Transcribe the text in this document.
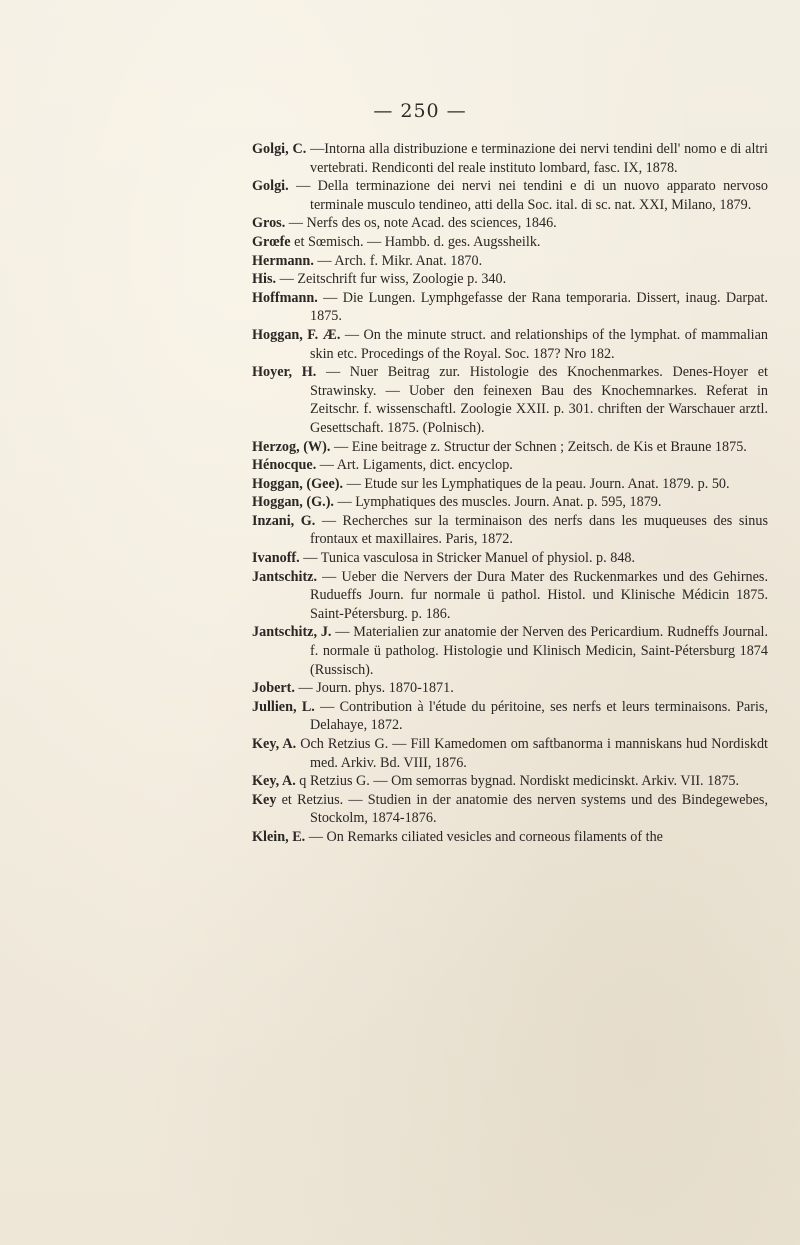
— 250 —

Golgi, C. —Intorna alla distribuzione e terminazione dei nervi tendini dell' nomo e di altri vertebrati. Rendiconti del reale instituto lombard, fasc. IX, 1878.

Golgi. — Della terminazione dei nervi nei tendini e di un nuovo apparato nervoso terminale musculo tendineo, atti della Soc. ital. di sc. nat. XXI, Milano, 1879.

Gros. — Nerfs des os, note Acad. des sciences, 1846.

Grœfe et Sœmisch. — Hambb. d. ges. Augssheilk.

Hermann. — Arch. f. Mikr. Anat. 1870.

His. — Zeitschrift fur wiss, Zoologie p. 340.

Hoffmann. — Die Lungen. Lymphgefasse der Rana temporaria. Dissert, inaug. Darpat. 1875.

Hoggan, F. Æ. — On the minute struct. and relationships of the lymphat. of mammalian skin etc. Procedings of the Royal. Soc. 187? Nro 182.

Hoyer, H. — Nuer Beitrag zur. Histologie des Knochenmarkes. Denes-Hoyer et Strawinsky. — Uober den feinexen Bau des Knochemnarkes. Referat in Zeitschr. f. wissenschaftl. Zoologie XXII. p. 301. chriften der Warschauer arztl. Gesettschaft. 1875. (Polnisch).

Herzog, (W). — Eine beitrage z. Structur der Schnen ; Zeitsch. de Kis et Braune 1875.

Hénocque. — Art. Ligaments, dict. encyclop.

Hoggan, (Gee). — Etude sur les Lymphatiques de la peau. Journ. Anat. 1879. p. 50.

Hoggan, (G.). — Lymphatiques des muscles. Journ. Anat. p. 595, 1879.

Inzani, G. — Recherches sur la terminaison des nerfs dans les muqueuses des sinus frontaux et maxillaires. Paris, 1872.

Ivanoff. — Tunica vasculosa in Stricker Manuel of physiol. p. 848.

Jantschitz. — Ueber die Nervers der Dura Mater des Ruckenmarkes und des Gehirnes. Rudueffs Journ. fur normale ü pathol. Histol. und Klinische Médicin 1875. Saint-Pétersburg. p. 186.

Jantschitz, J. — Materialien zur anatomie der Nerven des Pericardium. Rudneffs Journal. f. normale ü patholog. Histologie und Klinisch Medicin, Saint-Pétersburg 1874 (Russisch).

Jobert. — Journ. phys. 1870-1871.

Jullien, L. — Contribution à l'étude du péritoine, ses nerfs et leurs terminaisons. Paris, Delahaye, 1872.

Key, A. Och Retzius G. — Fill Kamedomen om saftbanorma i manniskans hud Nordiskdt med. Arkiv. Bd. VIII, 1876.

Key, A. q Retzius G. — Om semorras bygnad. Nordiskt medicinskt. Arkiv. VII. 1875.

Key et Retzius. — Studien in der anatomie des nerven systems und des Bindegewebes, Stockolm, 1874-1876.

Klein, E. — On Remarks ciliated vesicles and corneous filaments of the
